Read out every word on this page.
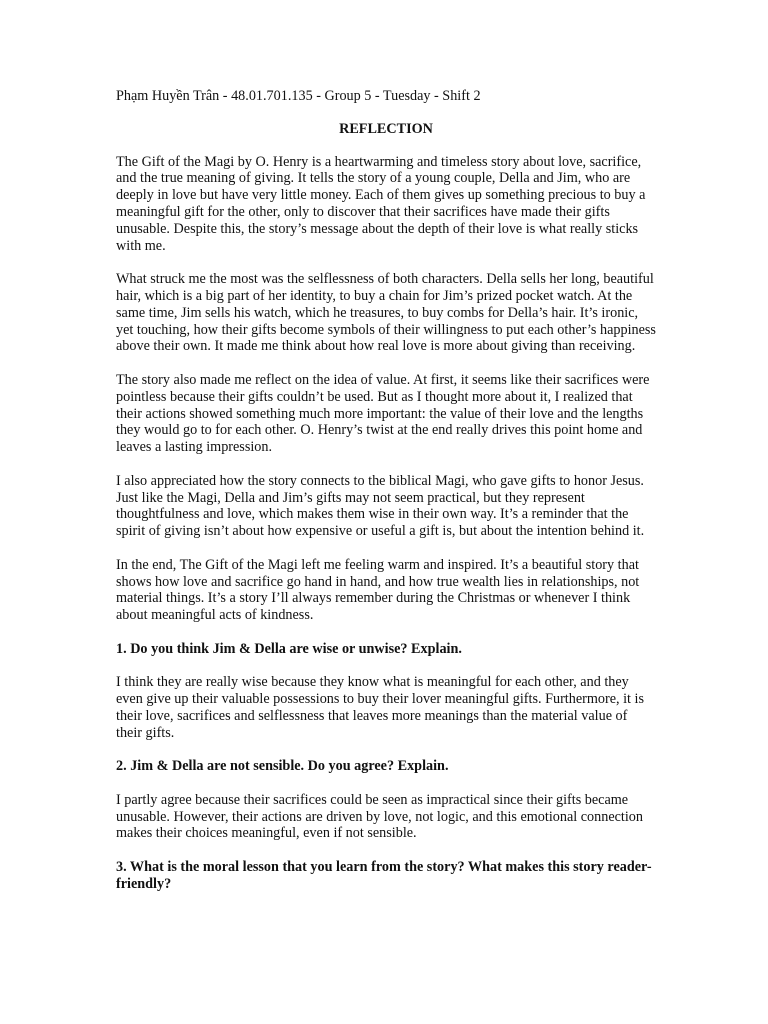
Phạm Huyền Trân - 48.01.701.135 - Group 5 - Tuesday - Shift 2

REFLECTION

The Gift of the Magi by O. Henry is a heartwarming and timeless story about love, sacrifice, and the true meaning of giving. It tells the story of a young couple, Della and Jim, who are deeply in love but have very little money. Each of them gives up something precious to buy a meaningful gift for the other, only to discover that their sacrifices have made their gifts unusable. Despite this, the story’s message about the depth of their love is what really sticks with me.

What struck me the most was the selflessness of both characters. Della sells her long, beautiful hair, which is a big part of her identity, to buy a chain for Jim’s prized pocket watch. At the same time, Jim sells his watch, which he treasures, to buy combs for Della’s hair. It’s ironic, yet touching, how their gifts become symbols of their willingness to put each other’s happiness above their own. It made me think about how real love is more about giving than receiving.

The story also made me reflect on the idea of value. At first, it seems like their sacrifices were pointless because their gifts couldn’t be used. But as I thought more about it, I realized that their actions showed something much more important: the value of their love and the lengths they would go to for each other. O. Henry’s twist at the end really drives this point home and leaves a lasting impression.

I also appreciated how the story connects to the biblical Magi, who gave gifts to honor Jesus. Just like the Magi, Della and Jim’s gifts may not seem practical, but they represent thoughtfulness and love, which makes them wise in their own way. It’s a reminder that the spirit of giving isn’t about how expensive or useful a gift is, but about the intention behind it.

In the end, The Gift of the Magi left me feeling warm and inspired. It’s a beautiful story that shows how love and sacrifice go hand in hand, and how true wealth lies in relationships, not material things. It’s a story I’ll always remember during the Christmas or whenever I think about meaningful acts of kindness.

1. Do you think Jim & Della are wise or unwise? Explain.

I think they are really wise because they know what is meaningful for each other, and they even give up their valuable possessions to buy their lover meaningful gifts. Furthermore, it is their love, sacrifices and selflessness that leaves more meanings than the material value of their gifts.

2. Jim & Della are not sensible. Do you agree? Explain.

I partly agree because their sacrifices could be seen as impractical since their gifts became unusable. However, their actions are driven by love, not logic, and this emotional connection makes their choices meaningful, even if not sensible.

3. What is the moral lesson that you learn from the story? What makes this story reader-friendly?
